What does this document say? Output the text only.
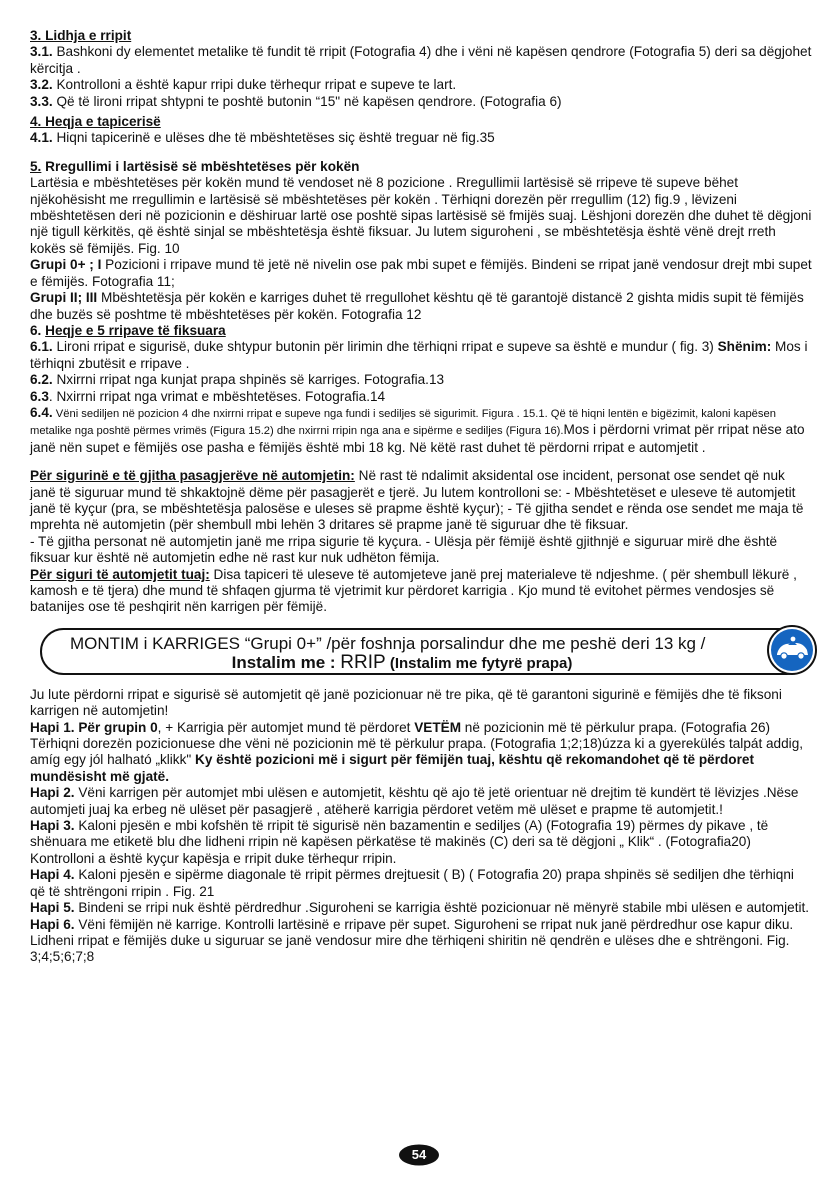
3. Lidhja e rripit

3.1. Bashkoni dy elementet metalike të fundit të rripit (Fotografia 4) dhe i vëni në kapësen qendrore (Fotografia 5) deri sa dëgjohet kërcitja .

3.2. Kontrolloni a është kapur rripi duke tërhequr rripat e supeve te lart.

3.3. Që të lironi rripat shtypni te poshtë butonin “15" në kapësen qendrore. (Fotografia 6)

4. Heqja e tapicerisë

4.1. Hiqni tapicerinë e ulëses dhe të mbështetëses siç është treguar në fig.35

5. Rregullimi i lartësisë së mbështetëses për kokën

Lartësia e mbështetëses për kokën mund të vendoset në 8 pozicione . Rregullimii lartësisë së rripeve të supeve bëhet njëkohësisht me rregullimin e lartësisë së mbështetëses për kokën . Tërhiqni dorezën për rregullim (12) fig.9 , lëvizeni mbështetësen deri në pozicionin e dëshiruar lartë ose poshtë sipas lartësisë së fmijës suaj. Lëshjoni dorezën dhe duhet të dëgjoni një tigull kërkitës, që është sinjal se mbështetësja është fiksuar. Ju lutem siguroheni , se mbështetësja është vënë drejt rreth kokës së fëmijës. Fig. 10

Grupi 0+ ; I Pozicioni i rripave mund të jetë në nivelin ose pak mbi supet e fëmijës. Bindeni se rripat janë vendosur drejt mbi supet e fëmijës. Fotografia 11;

Grupi II; III Mbështetësja për kokën e karriges duhet të rregullohet kështu që të garantojë distancë 2 gishta midis supit të fëmijës dhe buzës së poshtme të mbështetëses për kokën. Fotografia 12

6. Heqje e 5 rripave të fiksuara

6.1. Lironi rripat e sigurisë, duke shtypur butonin për lirimin dhe tërhiqni rripat e supeve sa është e mundur ( fig. 3) Shënim: Mos i tërhiqni zbutësit e rripave .

6.2. Nxirrni rripat nga kunjat prapa shpinës së karriges. Fotografia.13

6.3. Nxirrni rripat nga vrimat e mbështetëses. Fotografia.14

6.4. Vëni sediljen në pozicion 4 dhe nxirrni rripat e supeve nga fundi i sediljes së sigurimit. Figura . 15.1. Që të hiqni lentën e bigëzimit, kaloni kapësen metalike nga poshtë përmes vrimës (Figura 15.2) dhe nxirrni rripin nga ana e sipërme e sediljes (Figura 16).Mos i përdorni vrimat për rripat nëse ato janë nën supet e fëmijës ose pasha e fëmijës është mbi 18 kg. Në këtë rast duhet të përdorni rripat e automjetit .

Për sigurinë e të gjitha pasagjerëve në automjetin: Në rast të ndalimit aksidental ose incident, personat ose sendet që nuk janë të siguruar mund të shkaktojnë dëme për pasagjerët e tjerë. Ju lutem kontrolloni se: - Mbështetëset e uleseve të automjetit janë të kyçur (pra, se mbështetësja palosëse e uleses së prapme është kyçur); - Të gjitha sendet e rënda ose sendet me maja të mprehta në automjetin (për shembull mbi lehën 3 dritares së prapme janë të siguruar dhe të fiksuar.

- Të gjitha personat në automjetin janë me rripa sigurie të kyçura. - Ulësja për fëmijë është gjithnjë e siguruar mirë dhe është fiksuar kur është në automjetin edhe në rast kur nuk udhëton fëmija.

Për siguri të automjetit tuaj: Disa tapiceri të uleseve të automjeteve janë prej materialeve të ndjeshme. ( për shembull lëkurë , kamosh e të tjera) dhe mund të shfaqen gjurma të vjetrimit kur përdoret karrigia . Kjo mund të evitohet përmes vendosjes së batanijes ose të peshqirit nën karrigen për fëmijë.

MONTIM i KARRIGES “Grupi 0+” /për foshnja porsalindur dhe me peshë deri 13 kg /
Instalim me : RRIP (Instalim me fytyrë prapa)

Ju lute përdorni rripat e sigurisë së automjetit që janë pozicionuar në tre pika, që të garantoni sigurinë e fëmijës dhe të fiksoni karrigen në automjetin!

Hapi 1. Për grupin 0, + Karrigia për automjet mund të përdoret VETËM në pozicionin më të përkulur prapa. (Fotografia 26) Tërhiqni dorezën pozicionuese dhe vëni në pozicionin më të përkulur prapa. (Fotografia 1;2;18)úzza ki a gyerekülés talpát addig, amíg egy jól halható „klikk" Ky është pozicioni më i sigurt për fëmijën tuaj, kështu që rekomandohet që të përdoret mundësisht më gjatë.

Hapi 2. Vëni karrigen për automjet mbi ulësen e automjetit, kështu që ajo të jetë orientuar në drejtim të kundërt të lëvizjes .Nëse automjeti juaj ka erbeg në ulëset për pasagjerë , atëherë karrigia përdoret vetëm më ulëset e prapme të automjetit.!

Hapi 3. Kaloni pjesën e mbi kofshën të rripit të sigurisë nën bazamentin e sediljes (A) (Fotografia 19) përmes dy pikave , të shënuara me etiketë blu dhe lidheni rripin në kapësen përkatëse të makinës (C) deri sa të dëgjoni „ Klik“ . (Fotografia20) Kontrolloni a është kyçur kapësja e rripit duke tërhequr rripin.

Hapi 4. Kaloni pjesën e sipërme diagonale të rripit përmes drejtuesit ( B) ( Fotografia 20) prapa shpinës së sediljen dhe tërhiqni që të shtrëngoni rripin . Fig. 21

Hapi 5. Bindeni se rripi nuk është përdredhur .Sigurohenі se karrigia është pozicionuar në mënyrë stabile mbi ulësen e automjetit.

Hapi 6. Vëni fëmijën në karrige. Kontrolli lartësinë e rripave për supet. Sigurohenі se rripat nuk janë përdredhur ose kapur diku. Lidheni rripat e fëmijës duke u siguruar se janë vendosur mire dhe tërhiqeni shiritin në qendrën e ulëses dhe e shtrëngoni. Fig. 3;4;5;6;7;8

54
